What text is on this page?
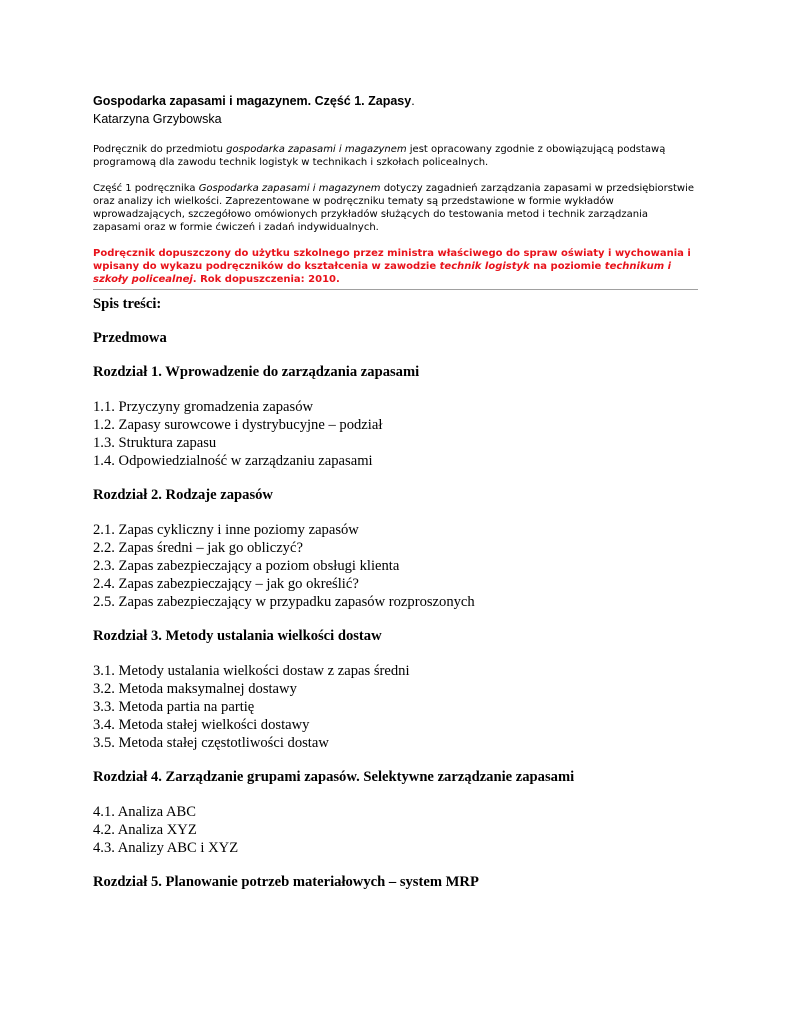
Gospodarka zapasami i magazynem. Część 1. Zapasy.
Katarzyna Grzybowska
Podręcznik do przedmiotu gospodarka zapasami i magazynem jest opracowany zgodnie z obowiązującą podstawą programową dla zawodu technik logistyk w technikach i szkołach policealnych.
Część 1 podręcznika Gospodarka zapasami i magazynem dotyczy zagadnień zarządzania zapasami w przedsiębiorstwie oraz analizy ich wielkości. Zaprezentowane w podręczniku tematy są przedstawione w formie wykładów wprowadzających, szczegółowo omówionych przykładów służących do testowania metod i technik zarządzania zapasami oraz w formie ćwiczeń i zadań indywidualnych.
Podręcznik dopuszczony do użytku szkolnego przez ministra właściwego do spraw oświaty i wychowania i wpisany do wykazu podręczników do kształcenia w zawodzie technik logistyk na poziomie technikum i szkoły policealnej. Rok dopuszczenia: 2010.
Spis treści:
Przedmowa
Rozdział 1. Wprowadzenie do zarządzania zapasami
1.1. Przyczyny gromadzenia zapasów
1.2. Zapasy surowcowe i dystrybucyjne – podział
1.3. Struktura zapasu
1.4. Odpowiedzialność w zarządzaniu zapasami
Rozdział 2. Rodzaje zapasów
2.1. Zapas cykliczny i inne poziomy zapasów
2.2. Zapas średni – jak go obliczyć?
2.3. Zapas zabezpieczający a poziom obsługi klienta
2.4. Zapas zabezpieczający – jak go określić?
2.5. Zapas zabezpieczający w przypadku zapasów rozproszonych
Rozdział 3. Metody ustalania wielkości dostaw
3.1. Metody ustalania wielkości dostaw z zapas średni
3.2. Metoda maksymalnej dostawy
3.3. Metoda partia na partię
3.4. Metoda stałej wielkości dostawy
3.5. Metoda stałej częstotliwości dostaw
Rozdział 4. Zarządzanie grupami zapasów. Selektywne zarządzanie zapasami
4.1. Analiza ABC
4.2. Analiza XYZ
4.3. Analizy ABC i XYZ
Rozdział 5. Planowanie potrzeb materiałowych – system MRP
